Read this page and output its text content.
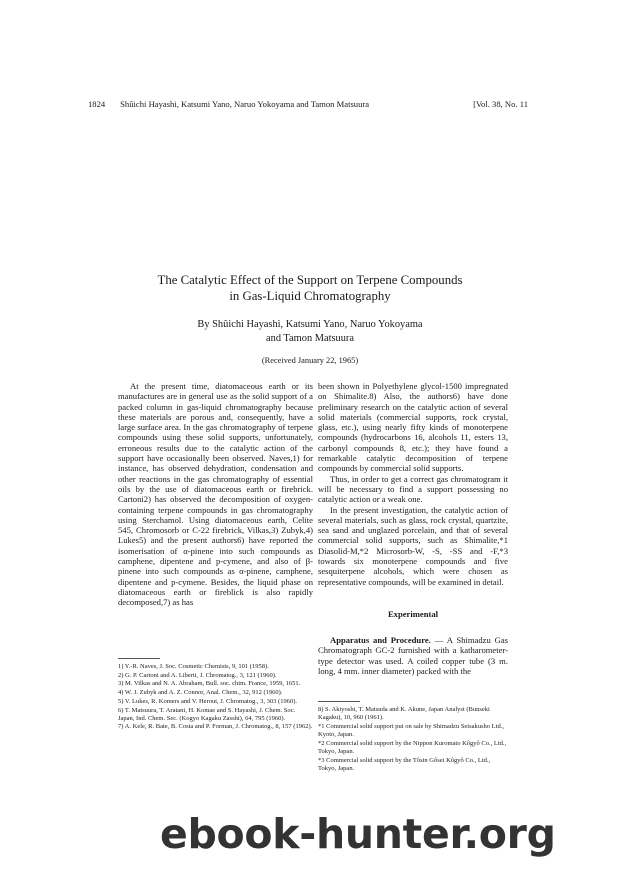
1824 Shûichi Hayashi, Katsumi Yano, Naruo Yokoyama and Tamon Matsuura	[Vol. 38, No. 11
The Catalytic Effect of the Support on Terpene Compounds
in Gas-Liquid Chromatography
By Shûichi Hayashi, Katsumi Yano, Naruo Yokoyama
and Tamon Matsuura
(Received January 22, 1965)

At the present time, diatomaceous earth or its manufactures are in general use as the solid support of a packed column in gas-liquid chromatography because these materials are porous and, consequently, have a large surface area. In the gas chromatography of terpene compounds using these solid supports, unfortunately, erroneous results due to the catalytic action of the support have occasionally been observed. Naves,1) for instance, has observed dehydration, condensation and other reactions in the gas chromatography of essential oils by the use of diatomaceous earth or firebrick. Cartoni2) has observed the decomposition of oxygen-containing terpene compounds in gas chromatography using Sterchamol. Using diatomaceous earth, Celite 545, Chromosorb or C-22 firebrick, Vilkas,3) Zubyk,4) Lukes5) and the present authors6) have reported the isomerisation of α-pinene into such compounds as camphene, dipentene and p-cymene, and also of β-pinene into such compounds as α-pinene, camphene, dipentene and p-cymene. Besides, the liquid phase on diatomaceous earth or fireblick is also rapidly decomposed,7) as has

been shown in Polyethylene glycol-1500 impregnated on Shimalite.8) Also, the authors6) have done preliminary research on the catalytic action of several solid materials (commercial supports, rock crystal, glass, etc.), using nearly fifty kinds of monoterpene compounds (hydrocarbons 16, alcohols 11, esters 13, carbonyl compounds 8, etc.); they have found a remarkable catalytic decomposition of terpene compounds by commercial solid supports.

Thus, in order to get a correct gas chromatogram it will be necessary to find a support possessing no catalytic action or a weak one.

In the present investigation, the catalytic action of several materials, such as glass, rock crystal, quartzite, sea sand and unglazed porcelain, and that of several commercial solid supports, such as Shimalite,*1 Diasolid-M,*2 Microsorb-W, -S, -SS and -F,*3 towards six monoterpene compounds and five sesquiterpene alcohols, which were chosen as representative compounds, will be examined in detail.

Experimental

Apparatus and Procedure. — A Shimadzu Gas Chromatograph GC-2 furnished with a katharometer-type detector was used. A coiled copper tube (3 m. long, 4 mm. inner diameter) packed with the

1) Y.-R. Naves, J. Soc. Cosmetic Chemists, 9, 101 (1958).
2) G. P. Cartoni and A. Liberti, J. Chromatog., 3, 121 (1960).
3) M. Vilkas and N. A. Abraham, Bull. soc. chim. France, 1959, 1651.
4) W. J. Zubyk and A. Z. Connor, Anal. Chem., 32, 912 (1960).
5) V. Lukes, R. Komers and V. Herout, J. Chromatog., 3, 303 (1960).
6) T. Matsuura, T. Aratani, H. Komae and S. Hayashi, J. Chem. Soc. Japan, Ind. Chem. Sec. (Kogyo Kagaku Zasshi), 64, 795 (1960).
7) A. Kele, R. Bate, B. Costa and P. Forman, J. Chromatog., 8, 157 (1962).
8) S. Akiyoshi, T. Matsuda and K. Akune, Japan Analyst (Bunseki Kagaku), 10, 960 (1961).
*1 Commercial solid support put on sale by Shimadzu Seisakusho Ltd., Kyoto, Japan.
*2 Commercial solid support by the Nippon Kuromato Kôgyô Co., Ltd., Tokyo, Japan.
*3 Commercial solid support by the Tôsin Gôsei Kôgyô Co., Ltd., Tokyo, Japan.
ebook-hunter.org
